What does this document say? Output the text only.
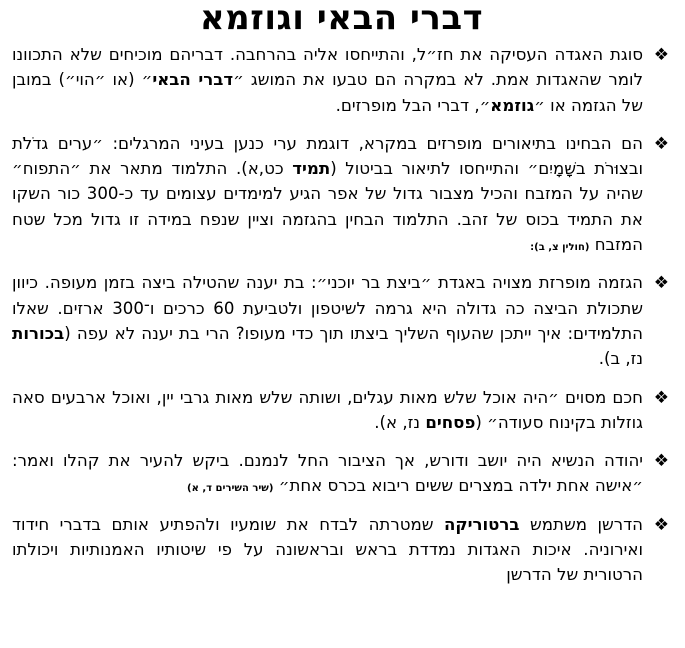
דברי הבאי וגוזמא
❖
סוגת האגדה העסיקה את חז״ל, והתייחסו אליה בהרחבה. דבריהם מוכיחים שלא התכוונו לומר שהאגדות אמת. לא במקרה הם טבעו את המושג ״דברי הבאי״ (או ״הוי״) במובן של הגזמה או ״גוזמא״, דברי הבל מופרזים.
❖
הם הבחינו בתיאורים מופרזים במקרא, דוגמת ערי כנען בעיני המרגלים: ״ערים גדֹלֹת ובצוּרֹת בשָּׁמָיִם״ והתייחסו לתיאור בביטול (תמיד כט,א). התלמוד מתאר את ״התפוח״ שהיה על המזבח והכיל מצבור גדול של אפר הגיע למימדים עצומים עד כ-300 כור השקו את התמיד בכוס של זהב. התלמוד הבחין בהגזמה וציין שנפח במידה זו גדול מכל שטח המזבח (חולין צ, ב):
❖
הגזמה מופרזת מצויה באגדת ״ביצת בר יוכני״: בת יענה שהטילה ביצה בזמן מעופה. כיוון שתכולת הביצה כה גדולה היא גרמה לשיטפון ולטביעת 60 כרכים ו־300 ארזים. שאלו התלמידים: איך ייתכן שהעוף השליך ביצתו תוך כדי מעופו? הרי בת יענה לא עפה (בכורות נז, ב).
❖
חכם מסוים ״היה אוכל שלש מאות עגלים, ושותה שלש מאות גרבי יין, ואוכל ארבעים סאה גוזלות בקינוח סעודה״ (פסחים נז, א).
❖
יהודה הנשיא היה יושב ודורש, אך הציבור החל לנמנם. ביקש להעיר את קהלו ואמר: ״אישה אחת ילדה במצרים ששים ריבוא בכרס אחת״ (שיר השירים ד, א)
❖
הדרשן משתמש ברטוריקה שמטרתה לבדח את שומעיו ולהפתיע אותם בדברי חידוד ואירוניה. איכות האגדות נמדדת בראש ובראשונה על פי שיטותיו האמנותיות ויכולתו הרטורית של הדרשן
